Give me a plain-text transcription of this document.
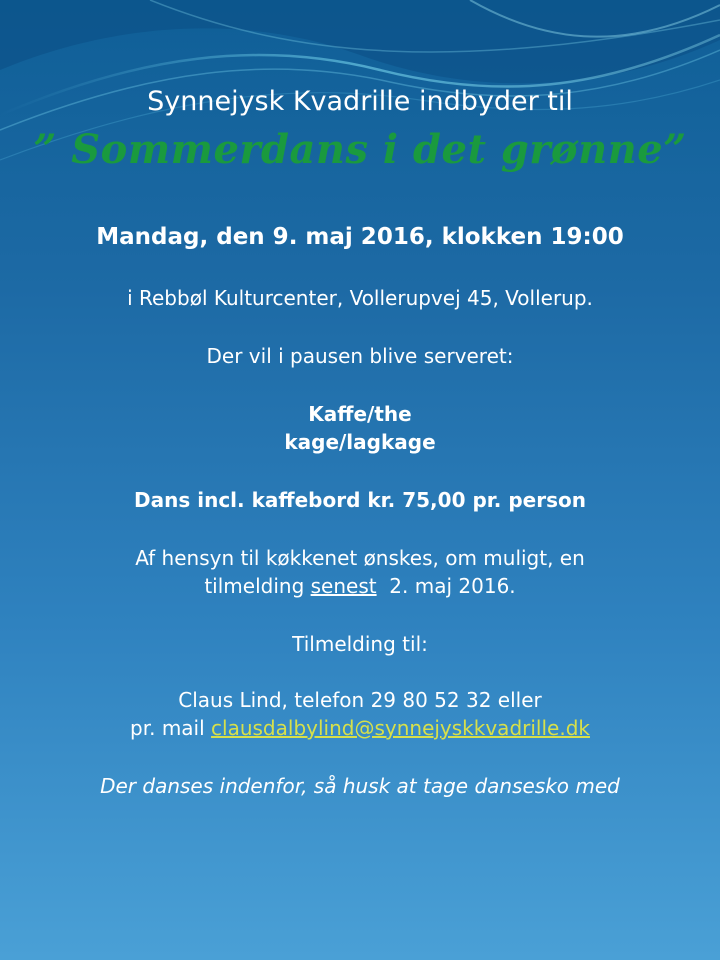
Synnejysk Kvadrille indbyder til
” Sommerdans i det grønne”
Mandag, den 9. maj 2016, klokken 19:00
i Rebbøl Kulturcenter, Vollerupvej 45, Vollerup.
Der vil i pausen blive serveret:
Kaffe/the
kage/lagkage
Dans incl. kaffebord kr. 75,00 pr. person
Af hensyn til køkkenet ønskes, om muligt, en
tilmelding senest  2. maj 2016.
Tilmelding til:
Claus Lind, telefon 29 80 52 32 eller
pr. mail clausdalbylind@synnejyskkvadrille.dk
Der danses indenfor, så husk at tage dansesko med
